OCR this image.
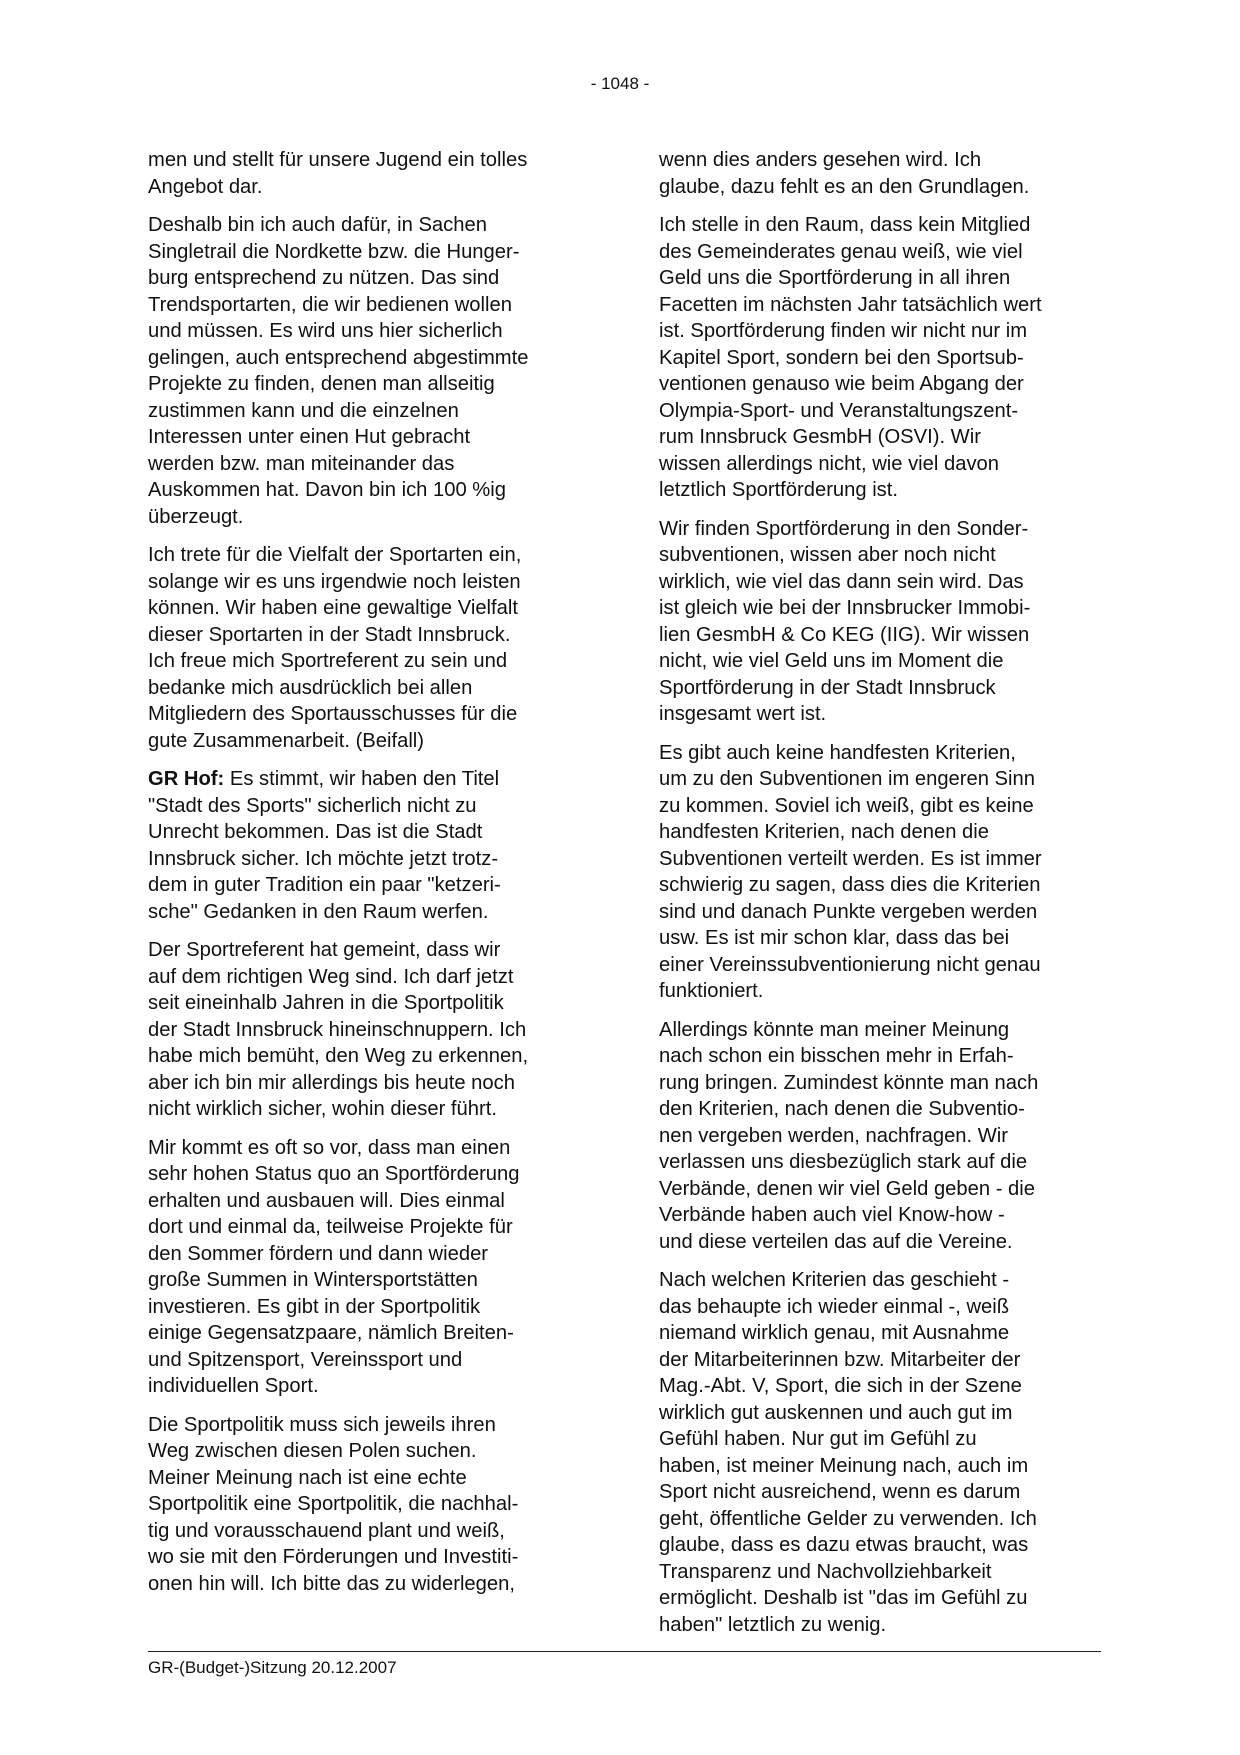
- 1048 -

men und stellt für unsere Jugend ein tolles
Angebot dar.

Deshalb bin ich auch dafür, in Sachen
Singletrail die Nordkette bzw. die Hunger-
burg entsprechend zu nützen. Das sind
Trendsportarten, die wir bedienen wollen
und müssen. Es wird uns hier sicherlich
gelingen, auch entsprechend abgestimmte
Projekte zu finden, denen man allseitig
zustimmen kann und die einzelnen
Interessen unter einen Hut gebracht
werden bzw. man miteinander das
Auskommen hat. Davon bin ich 100 %ig
überzeugt.

Ich trete für die Vielfalt der Sportarten ein,
solange wir es uns irgendwie noch leisten
können. Wir haben eine gewaltige Vielfalt
dieser Sportarten in der Stadt Innsbruck.
Ich freue mich Sportreferent zu sein und
bedanke mich ausdrücklich bei allen
Mitgliedern des Sportausschusses für die
gute Zusammenarbeit. (Beifall)

GR Hof: Es stimmt, wir haben den Titel
"Stadt des Sports" sicherlich nicht zu
Unrecht bekommen. Das ist die Stadt
Innsbruck sicher. Ich möchte jetzt trotz-
dem in guter Tradition ein paar "ketzeri-
sche" Gedanken in den Raum werfen.

Der Sportreferent hat gemeint, dass wir
auf dem richtigen Weg sind. Ich darf jetzt
seit eineinhalb Jahren in die Sportpolitik
der Stadt Innsbruck hineinschnuppern. Ich
habe mich bemüht, den Weg zu erkennen,
aber ich bin mir allerdings bis heute noch
nicht wirklich sicher, wohin dieser führt.

Mir kommt es oft so vor, dass man einen
sehr hohen Status quo an Sportförderung
erhalten und ausbauen will. Dies einmal
dort und einmal da, teilweise Projekte für
den Sommer fördern und dann wieder
große Summen in Wintersportstätten
investieren. Es gibt in der Sportpolitik
einige Gegensatzpaare, nämlich Breiten-
und Spitzensport, Vereinssport und
individuellen Sport.

Die Sportpolitik muss sich jeweils ihren
Weg zwischen diesen Polen suchen.
Meiner Meinung nach ist eine echte
Sportpolitik eine Sportpolitik, die nachhal-
tig und vorausschauend plant und weiß,
wo sie mit den Förderungen und Investiti-
onen hin will. Ich bitte das zu widerlegen,

wenn dies anders gesehen wird. Ich
glaube, dazu fehlt es an den Grundlagen.

Ich stelle in den Raum, dass kein Mitglied
des Gemeinderates genau weiß, wie viel
Geld uns die Sportförderung in all ihren
Facetten im nächsten Jahr tatsächlich wert
ist. Sportförderung finden wir nicht nur im
Kapitel Sport, sondern bei den Sportsub-
ventionen genauso wie beim Abgang der
Olympia-Sport- und Veranstaltungszent-
rum Innsbruck GesmbH (OSVI). Wir
wissen allerdings nicht, wie viel davon
letztlich Sportförderung ist.

Wir finden Sportförderung in den Sonder-
subventionen, wissen aber noch nicht
wirklich, wie viel das dann sein wird. Das
ist gleich wie bei der Innsbrucker Immobi-
lien GesmbH & Co KEG (IIG). Wir wissen
nicht, wie viel Geld uns im Moment die
Sportförderung in der Stadt Innsbruck
insgesamt wert ist.

Es gibt auch keine handfesten Kriterien,
um zu den Subventionen im engeren Sinn
zu kommen. Soviel ich weiß, gibt es keine
handfesten Kriterien, nach denen die
Subventionen verteilt werden. Es ist immer
schwierig zu sagen, dass dies die Kriterien
sind und danach Punkte vergeben werden
usw. Es ist mir schon klar, dass das bei
einer Vereinssubventionierung nicht genau
funktioniert.

Allerdings könnte man meiner Meinung
nach schon ein bisschen mehr in Erfah-
rung bringen. Zumindest könnte man nach
den Kriterien, nach denen die Subventio-
nen vergeben werden, nachfragen. Wir
verlassen uns diesbezüglich stark auf die
Verbände, denen wir viel Geld geben - die
Verbände haben auch viel Know-how -
und diese verteilen das auf die Vereine.

Nach welchen Kriterien das geschieht -
das behaupte ich wieder einmal -, weiß
niemand wirklich genau, mit Ausnahme
der Mitarbeiterinnen bzw. Mitarbeiter der
Mag.-Abt. V, Sport, die sich in der Szene
wirklich gut auskennen und auch gut im
Gefühl haben. Nur gut im Gefühl zu
haben, ist meiner Meinung nach, auch im
Sport nicht ausreichend, wenn es darum
geht, öffentliche Gelder zu verwenden. Ich
glaube, dass es dazu etwas braucht, was
Transparenz und Nachvollziehbarkeit
ermöglicht. Deshalb ist "das im Gefühl zu
haben" letztlich zu wenig.

GR-(Budget-)Sitzung 20.12.2007
